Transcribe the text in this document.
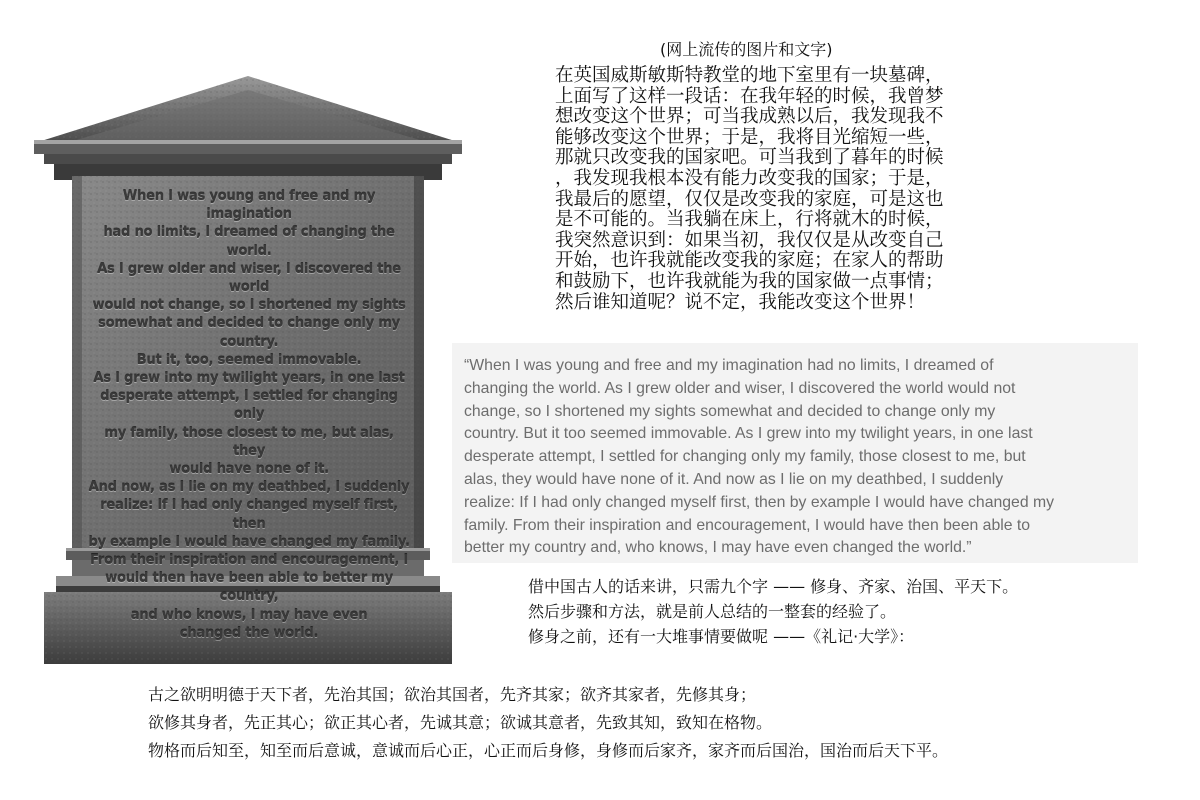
When I was young and free and my imagination
had no limits, I dreamed of changing the world.
As I grew older and wiser, I discovered the world
would not change, so I shortened my sights
somewhat and decided to change only my country.
But it, too, seemed immovable.
As I grew into my twilight years, in one last
desperate attempt, I settled for changing only
my family, those closest to me, but alas, they
would have none of it.
And now, as I lie on my deathbed, I suddenly
realize: If I had only changed myself first, then
by example I would have changed my family.
From their inspiration and encouragement, I
would then have been able to better my country,
and who knows, I may have even
changed the world.
(网上流传的图片和文字)
在英国威斯敏斯特教堂的地下室里有一块墓碑，
上面写了这样一段话：在我年轻的时候，我曾梦
想改变这个世界；可当我成熟以后，我发现我不
能够改变这个世界；于是，我将目光缩短一些，
那就只改变我的国家吧。可当我到了暮年的时候
，我发现我根本没有能力改变我的国家；于是，
我最后的愿望，仅仅是改变我的家庭，可是这也
是不可能的。当我躺在床上，行将就木的时候，
我突然意识到：如果当初，我仅仅是从改变自己
开始，也许我就能改变我的家庭；在家人的帮助
和鼓励下，也许我就能为我的国家做一点事情；
然后谁知道呢？说不定，我能改变这个世界！
“When I was young and free and my imagination had no limits, I dreamed of
changing the world. As I grew older and wiser, I discovered the world would not
change, so I shortened my sights somewhat and decided to change only my
country. But it too seemed immovable. As I grew into my twilight years, in one last
desperate attempt, I settled for changing only my family, those closest to me, but
alas, they would have none of it. And now as I lie on my deathbed, I suddenly
realize: If I had only changed myself first, then by example I would have changed my
family. From their inspiration and encouragement, I would have then been able to
better my country and, who knows, I may have even changed the world.”
借中国古人的话来讲，只需九个字 —— 修身、齐家、治国、平天下。
然后步骤和方法，就是前人总结的一整套的经验了。
修身之前，还有一大堆事情要做呢 ——《礼记·大学》：
古之欲明明德于天下者，先治其国；欲治其国者，先齐其家；欲齐其家者，先修其身；
欲修其身者，先正其心；欲正其心者，先诚其意；欲诚其意者，先致其知，致知在格物。
物格而后知至，知至而后意诚，意诚而后心正，心正而后身修，身修而后家齐，家齐而后国治，国治而后天下平。
